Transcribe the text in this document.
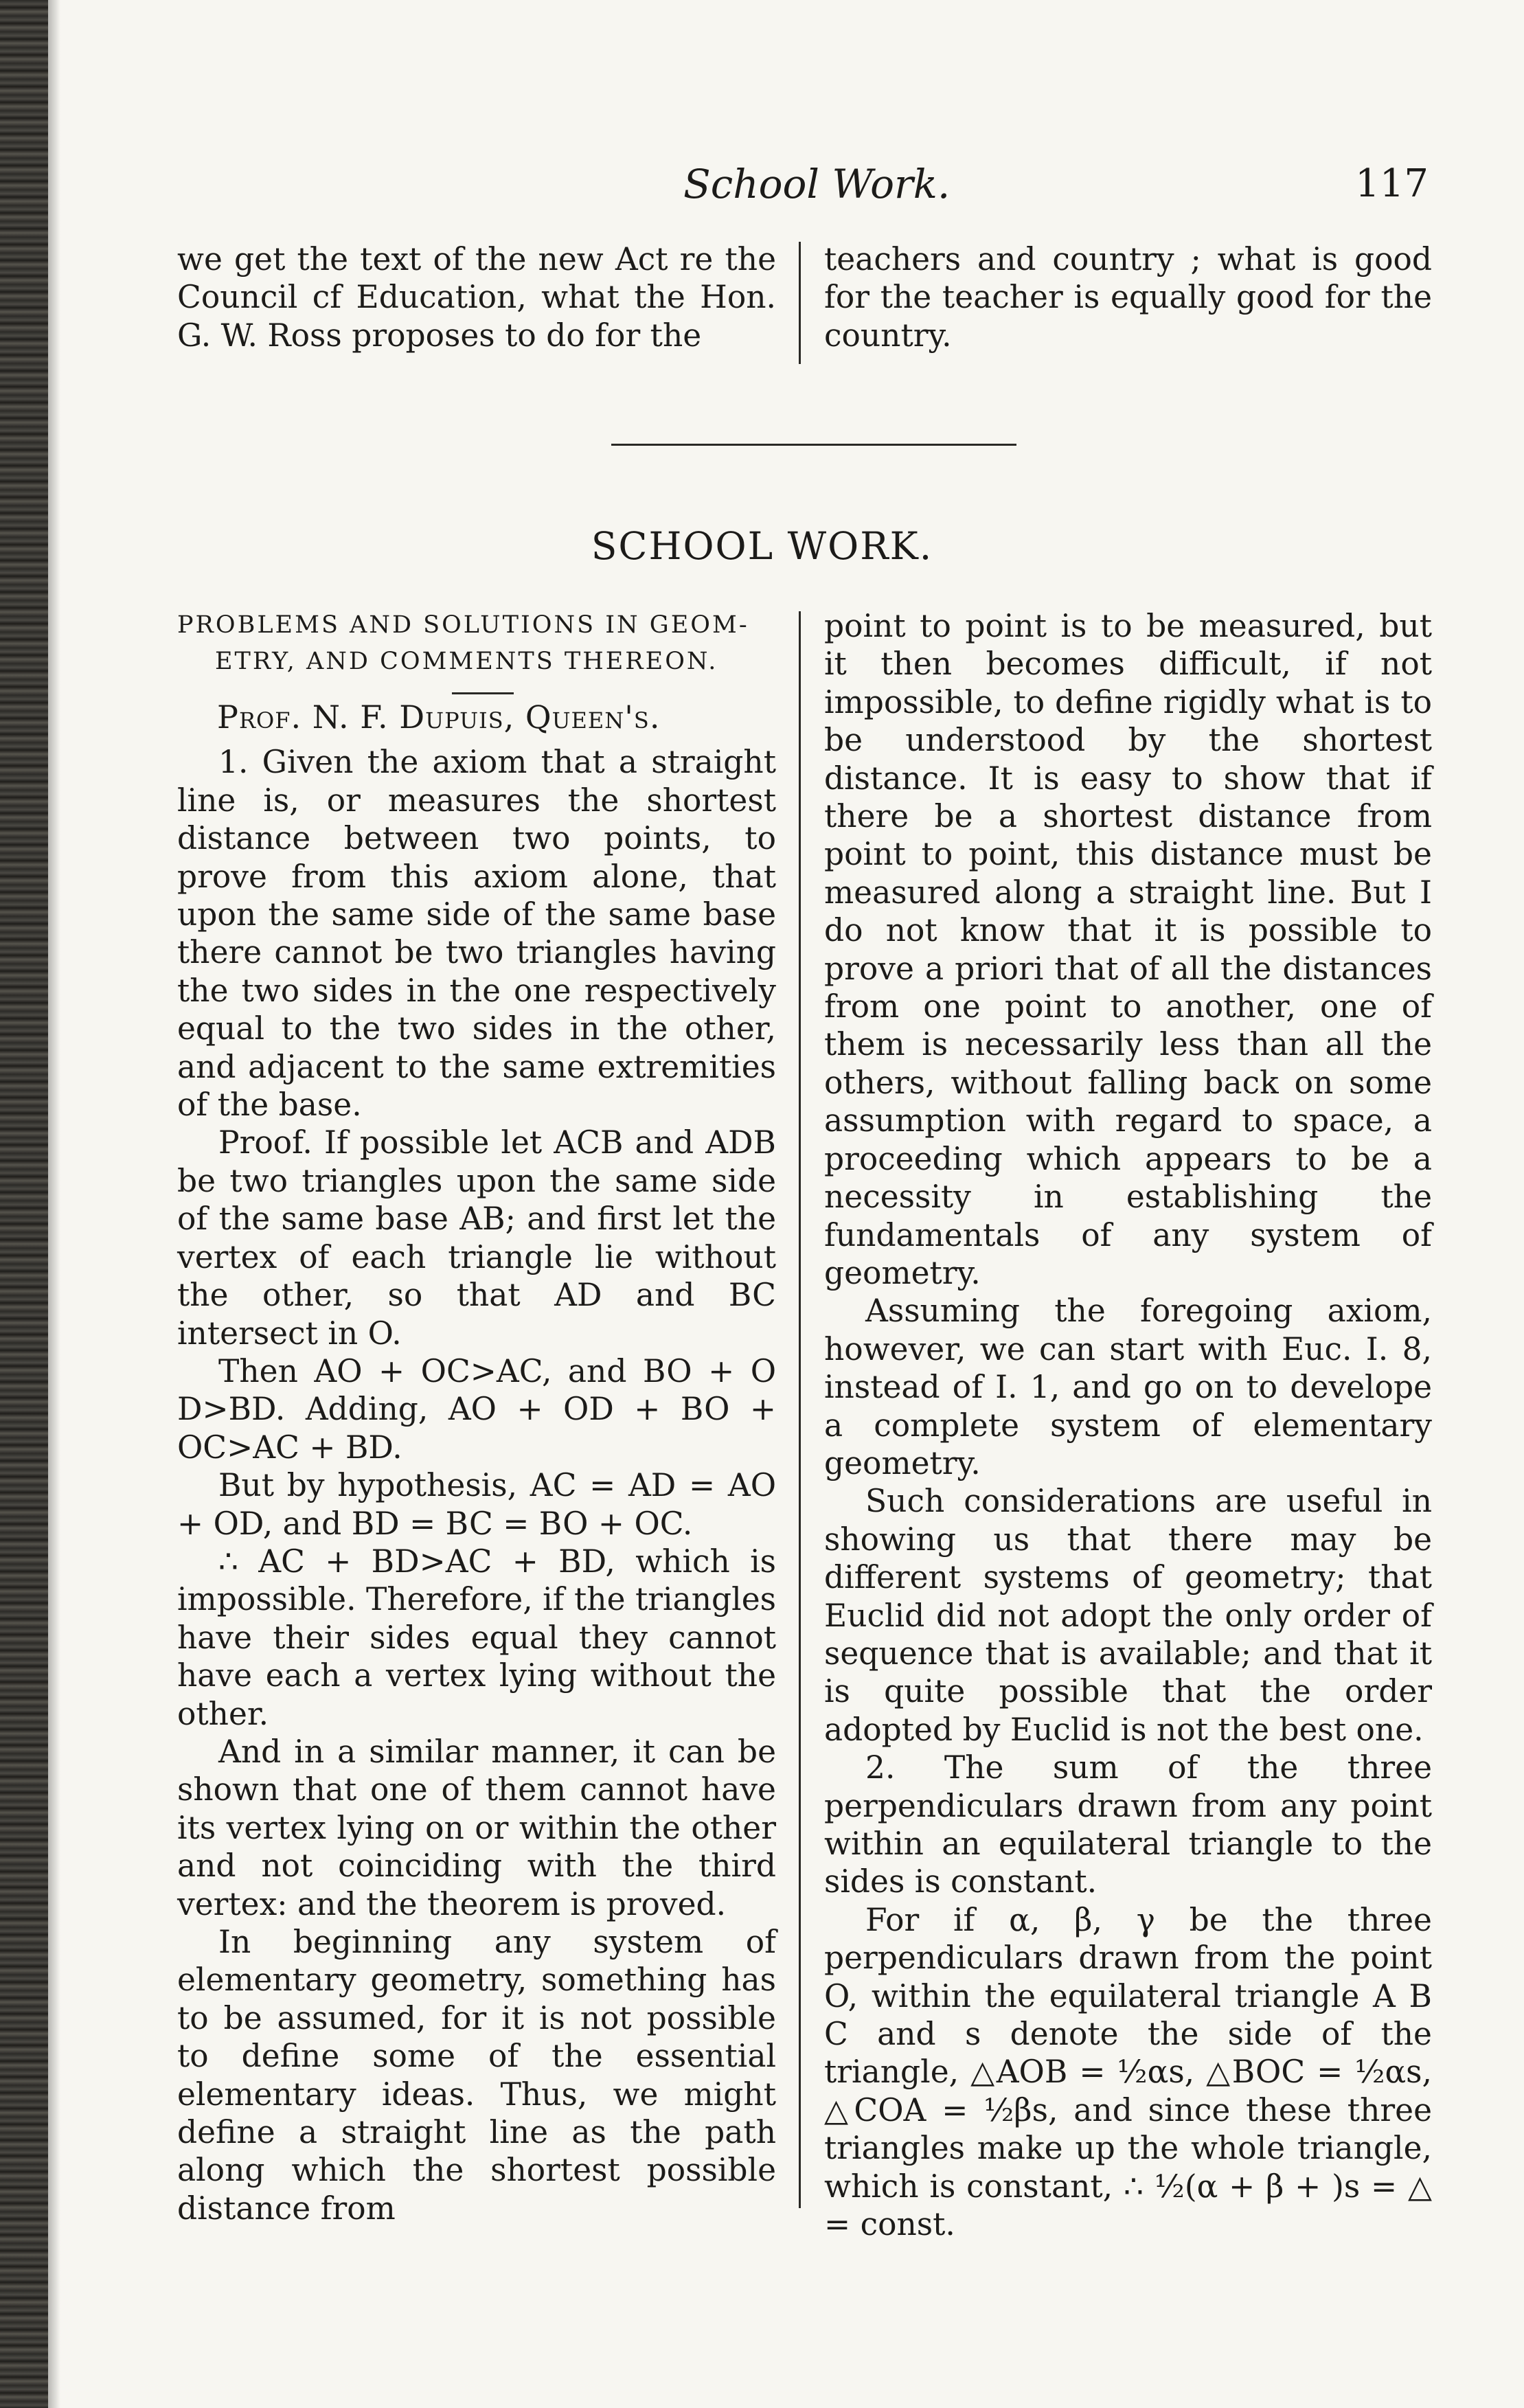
School Work.	117

we get the text of the new Act re the Council cf Education, what the Hon. G. W. Ross proposes to do for the

teachers and country ; what is good for the teacher is equally good for the country.

SCHOOL WORK.

PROBLEMS AND SOLUTIONS IN GEOM-
ETRY, AND COMMENTS THEREON.

Prof. N. F. Dupuis, Queen's.

1. Given the axiom that a straight line is, or measures the shortest distance between two points, to prove from this axiom alone, that upon the same side of the same base there cannot be two triangles having the two sides in the one respectively equal to the two sides in the other, and adjacent to the same extremities of the base.

Proof. If possible let ACB and ADB be two triangles upon the same side of the same base AB; and first let the vertex of each triangle lie without the other, so that AD and BC intersect in O.

Then AO + OC>AC, and BO + O D>BD. Adding, AO + OD + BO + OC>AC + BD.

But by hypothesis, AC = AD = AO + OD, and BD = BC = BO + OC.

∴ AC + BD>AC + BD, which is impossible. Therefore, if the triangles have their sides equal they cannot have each a vertex lying without the other.

And in a similar manner, it can be shown that one of them cannot have its vertex lying on or within the other and not coinciding with the third vertex: and the theorem is proved.

In beginning any system of elementary geometry, something has to be assumed, for it is not possible to define some of the essential elementary ideas. Thus, we might define a straight line as the path along which the shortest possible distance from

point to point is to be measured, but it then becomes difficult, if not impossible, to define rigidly what is to be understood by the shortest distance. It is easy to show that if there be a shortest distance from point to point, this distance must be measured along a straight line. But I do not know that it is possible to prove a priori that of all the distances from one point to another, one of them is necessarily less than all the others, without falling back on some assumption with regard to space, a proceeding which appears to be a necessity in establishing the fundamentals of any system of geometry.

Assuming the foregoing axiom, however, we can start with Euc. I. 8, instead of I. 1, and go on to develope a complete system of elementary geometry.

Such considerations are useful in showing us that there may be different systems of geometry; that Euclid did not adopt the only order of sequence that is available; and that it is quite possible that the order adopted by Euclid is not the best one.

2. The sum of the three perpendiculars drawn from any point within an equilateral triangle to the sides is constant.

For if α, β, γ be the three perpendiculars drawn from the point O, within the equilateral triangle A B C and s denote the side of the triangle, △AOB = ½αs, △BOC = ½αs, △COA = ½βs, and since these three triangles make up the whole triangle, which is constant, ∴ ½(α + β + )s = △ = const.
